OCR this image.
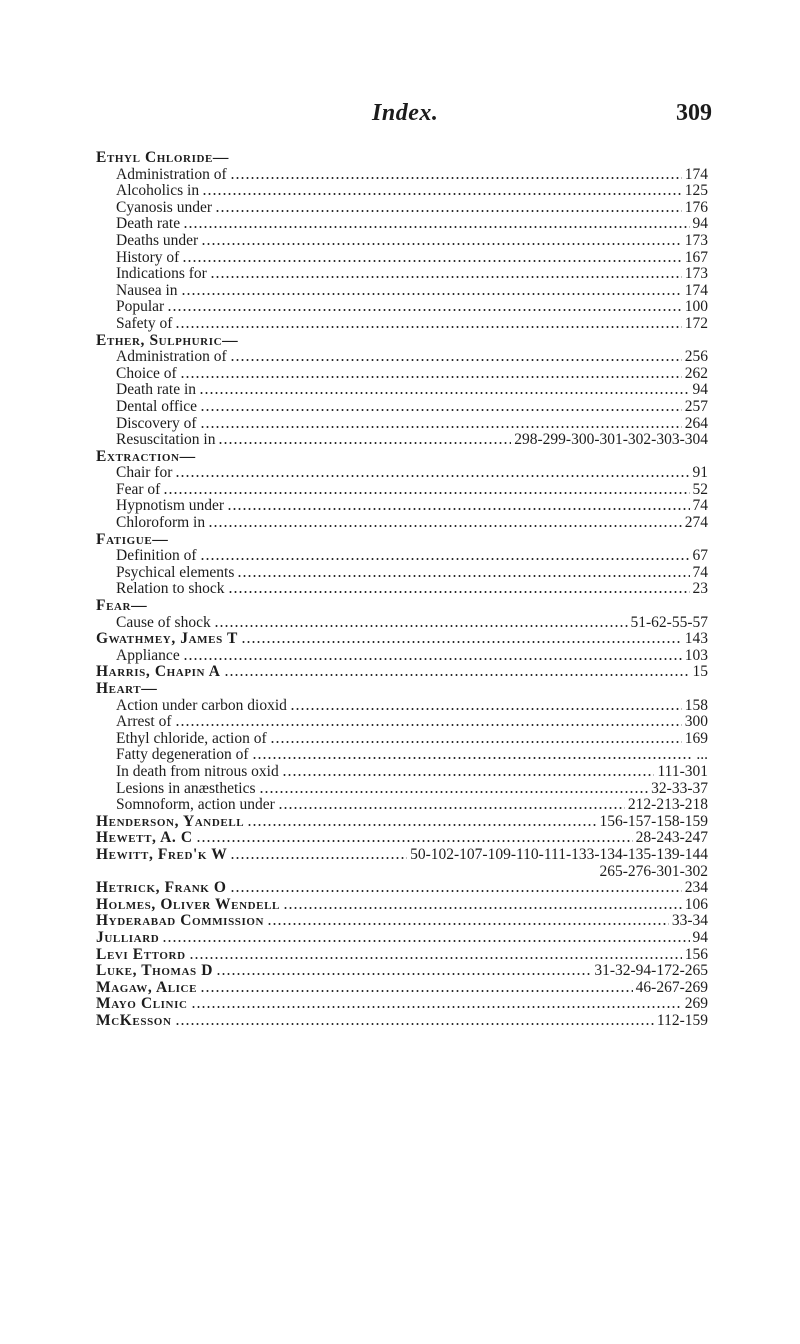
Index.	309
Ethyl Chloride—
Administration of	174
Alcoholics in	125
Cyanosis under	176
Death rate	94
Deaths under	173
History of	167
Indications for	173
Nausea in	174
Popular	100
Safety of	172
Ether, Sulphuric—
Administration of	256
Choice of	262
Death rate in	94
Dental office	257
Discovery of	264
Resuscitation in	298-299-300-301-302-303-304
Extraction—
Chair for	91
Fear of	52
Hypnotism under	74
Chloroform in	274
Fatigue—
Definition of	67
Psychical elements	74
Relation to shock	23
Fear—
Cause of shock	51-62-55-57
Gwathmey, James T	143
Appliance	103
Harris, Chapin A	15
Heart—
Action under carbon dioxid	158
Arrest of	300
Ethyl chloride, action of	169
Fatty degeneration of	...
In death from nitrous oxid	111-301
Lesions in anæsthetics	32-33-37
Somnoform, action under	212-213-218
Henderson, Yandell	156-157-158-159
Hewett, A. C	28-243-247
Hewitt, Fred'k W	50-102-107-109-110-111-133-134-135-139-144
265-276-301-302
Hetrick, Frank O	234
Holmes, Oliver Wendell	106
Hyderabad Commission	33-34
Julliard	94
Levi Ettord	156
Luke, Thomas D	31-32-94-172-265
Magaw, Alice	46-267-269
Mayo Clinic	269
McKesson	112-159
